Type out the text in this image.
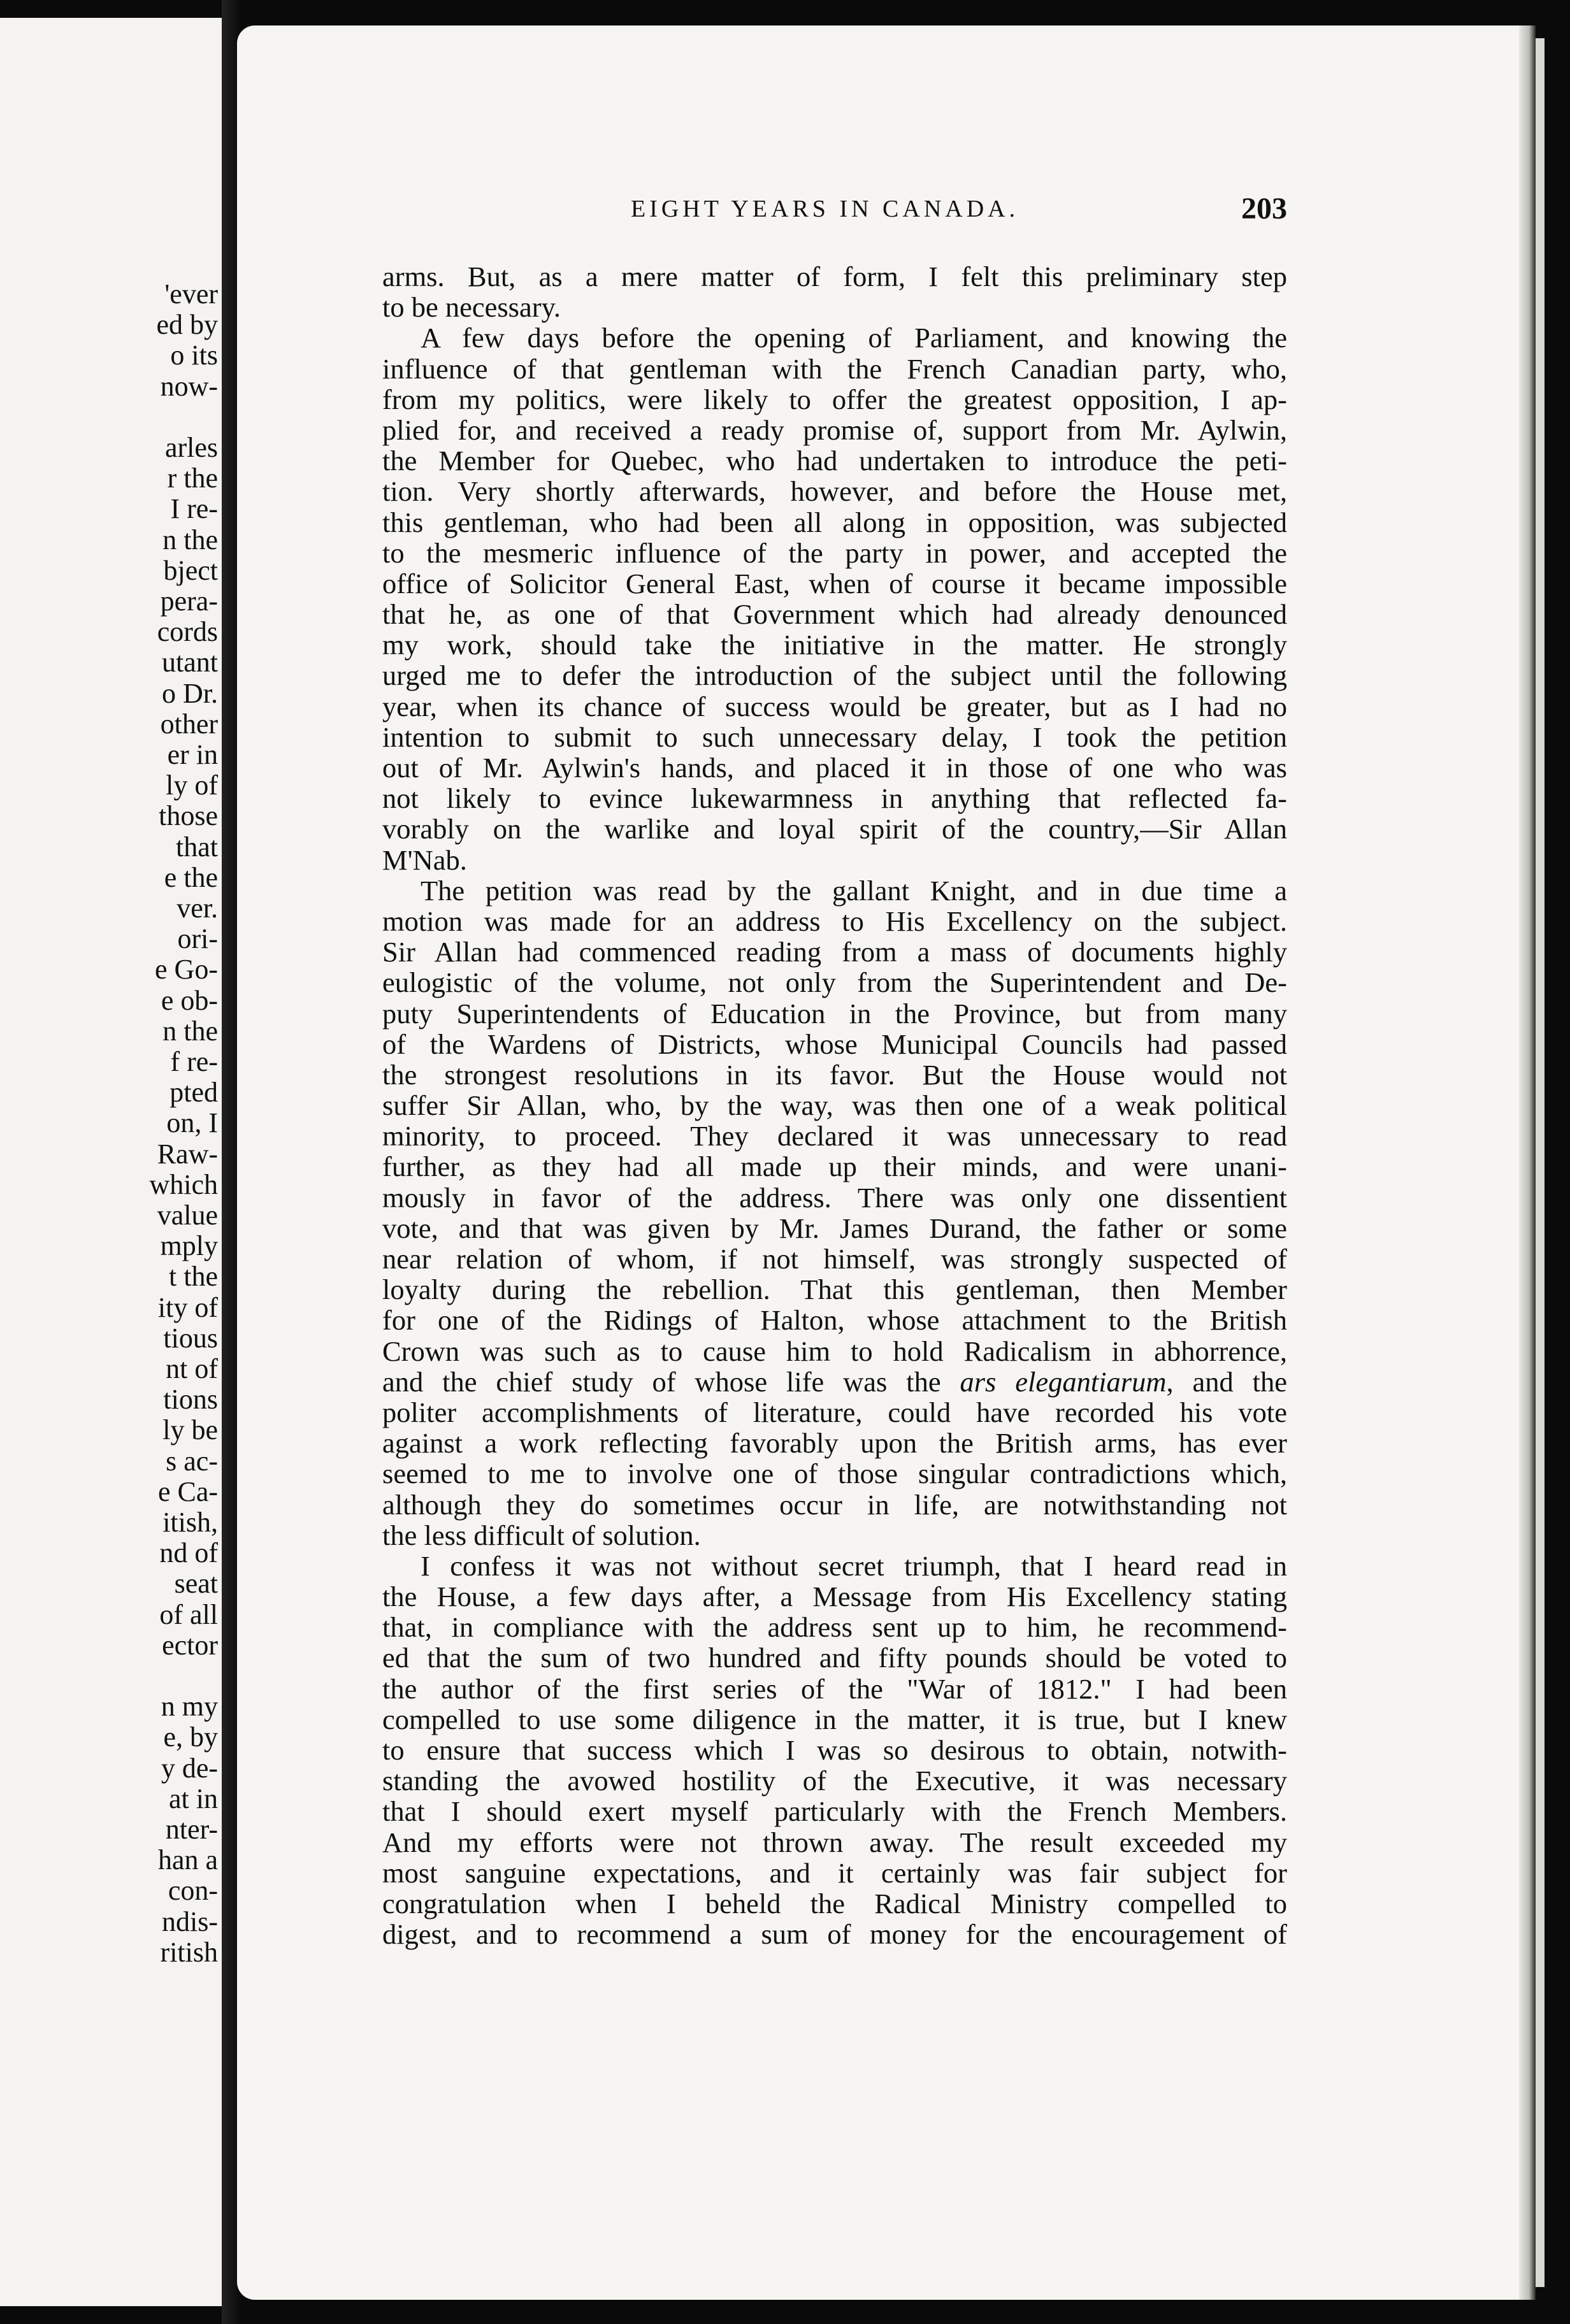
'ever
ed by
o its
now-
arles
r the
I re-
n the
bject
pera-
cords
utant
o Dr.
other
er in
ly of
those
that
e the
ver.
ori-
e Go-
e ob-
n the
f re-
pted
on, I
Raw-
which
value
mply
t the
ity of
tious
nt of
tions
ly be
s ac-
e Ca-
itish,
nd of
seat
of all
ector
n my
e, by
y de-
at in
nter-
han a
con-
ndis-
ritish
EIGHT YEARS IN CANADA.	203
arms. But, as a mere matter of form, I felt this preliminary step
to be necessary.
A few days before the opening of Parliament, and knowing the
influence of that gentleman with the French Canadian party, who,
from my politics, were likely to offer the greatest opposition, I ap-
plied for, and received a ready promise of, support from Mr. Aylwin,
the Member for Quebec, who had undertaken to introduce the peti-
tion. Very shortly afterwards, however, and before the House met,
this gentleman, who had been all along in opposition, was subjected
to the mesmeric influence of the party in power, and accepted the
office of Solicitor General East, when of course it became impossible
that he, as one of that Government which had already denounced
my work, should take the initiative in the matter. He strongly
urged me to defer the introduction of the subject until the following
year, when its chance of success would be greater, but as I had no
intention to submit to such unnecessary delay, I took the petition
out of Mr. Aylwin's hands, and placed it in those of one who was
not likely to evince lukewarmness in anything that reflected fa-
vorably on the warlike and loyal spirit of the country,—Sir Allan
M'Nab.
The petition was read by the gallant Knight, and in due time a
motion was made for an address to His Excellency on the subject.
Sir Allan had commenced reading from a mass of documents highly
eulogistic of the volume, not only from the Superintendent and De-
puty Superintendents of Education in the Province, but from many
of the Wardens of Districts, whose Municipal Councils had passed
the strongest resolutions in its favor. But the House would not
suffer Sir Allan, who, by the way, was then one of a weak political
minority, to proceed. They declared it was unnecessary to read
further, as they had all made up their minds, and were unani-
mously in favor of the address. There was only one dissentient
vote, and that was given by Mr. James Durand, the father or some
near relation of whom, if not himself, was strongly suspected of
loyalty during the rebellion. That this gentleman, then Member
for one of the Ridings of Halton, whose attachment to the British
Crown was such as to cause him to hold Radicalism in abhorrence,
and the chief study of whose life was the ars elegantiarum, and the
politer accomplishments of literature, could have recorded his vote
against a work reflecting favorably upon the British arms, has ever
seemed to me to involve one of those singular contradictions which,
although they do sometimes occur in life, are notwithstanding not
the less difficult of solution.
I confess it was not without secret triumph, that I heard read in
the House, a few days after, a Message from His Excellency stating
that, in compliance with the address sent up to him, he recommend-
ed that the sum of two hundred and fifty pounds should be voted to
the author of the first series of the "War of 1812." I had been
compelled to use some diligence in the matter, it is true, but I knew
to ensure that success which I was so desirous to obtain, notwith-
standing the avowed hostility of the Executive, it was necessary
that I should exert myself particularly with the French Members.
And my efforts were not thrown away. The result exceeded my
most sanguine expectations, and it certainly was fair subject for
congratulation when I beheld the Radical Ministry compelled to
digest, and to recommend a sum of money for the encouragement of
